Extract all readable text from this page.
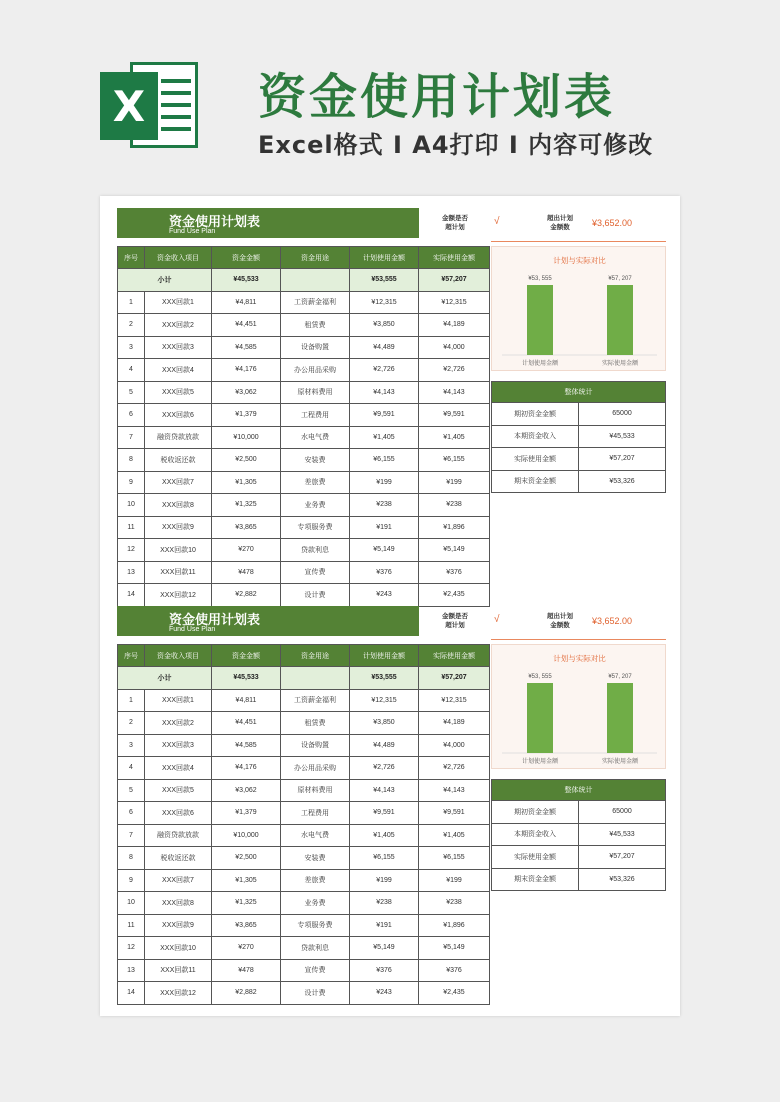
X 资金使用计划表
Excel格式 I A4打印 I 内容可修改
资金使用计划表
Fund Use Plan
金额是否
超计划
√	超出计划
金额数	¥3,652.00
序号	资金收入项目	资金金额	资金用途	计划使用金额	实际使用金额
小计		¥45,533		¥53,555	¥57,207
1	XXX回款1	¥4,811	工资薪金福利	¥12,315	¥12,315
2	XXX回款2	¥4,451	租赁费	¥3,850	¥4,189
3	XXX回款3	¥4,585	设备购置	¥4,489	¥4,000
4	XXX回款4	¥4,176	办公用品采购	¥2,726	¥2,726
5	XXX回款5	¥3,062	原材料费用	¥4,143	¥4,143
6	XXX回款6	¥1,379	工程费用	¥9,591	¥9,591
7	融资贷款放款	¥10,000	水电气费	¥1,405	¥1,405
8	税收返还款	¥2,500	安装费	¥6,155	¥6,155
9	XXX回款7	¥1,305	差旅费	¥199	¥199
10	XXX回款8	¥1,325	业务费	¥238	¥238
11	XXX回款9	¥3,865	专项服务费	¥191	¥1,896
12	XXX回款10	¥270	贷款利息	¥5,149	¥5,149
13	XXX回款11	¥478	宣传费	¥376	¥376
14	XXX回款12	¥2,882	设计费	¥243	¥2,435
计划与实际对比
¥53, 555
计划使用金额
¥57, 207
实际使用金额
整体统计	
期初资金金额	65000
本期资金收入	¥45,533
实际使用金额	¥57,207
期末资金金额	¥53,326
资金使用计划表
Fund Use Plan
金额是否
超计划
√	超出计划
金额数	¥3,652.00
序号	资金收入项目	资金金额	资金用途	计划使用金额	实际使用金额
小计		¥45,533		¥53,555	¥57,207
1	XXX回款1	¥4,811	工资薪金福利	¥12,315	¥12,315
2	XXX回款2	¥4,451	租赁费	¥3,850	¥4,189
3	XXX回款3	¥4,585	设备购置	¥4,489	¥4,000
4	XXX回款4	¥4,176	办公用品采购	¥2,726	¥2,726
5	XXX回款5	¥3,062	原材料费用	¥4,143	¥4,143
6	XXX回款6	¥1,379	工程费用	¥9,591	¥9,591
7	融资贷款放款	¥10,000	水电气费	¥1,405	¥1,405
8	税收返还款	¥2,500	安装费	¥6,155	¥6,155
9	XXX回款7	¥1,305	差旅费	¥199	¥199
10	XXX回款8	¥1,325	业务费	¥238	¥238
11	XXX回款9	¥3,865	专项服务费	¥191	¥1,896
12	XXX回款10	¥270	贷款利息	¥5,149	¥5,149
13	XXX回款11	¥478	宣传费	¥376	¥376
14	XXX回款12	¥2,882	设计费	¥243	¥2,435
计划与实际对比
¥53, 555
计划使用金额
¥57, 207
实际使用金额
整体统计	
期初资金金额	65000
本期资金收入	¥45,533
实际使用金额	¥57,207
期末资金金额	¥53,326
